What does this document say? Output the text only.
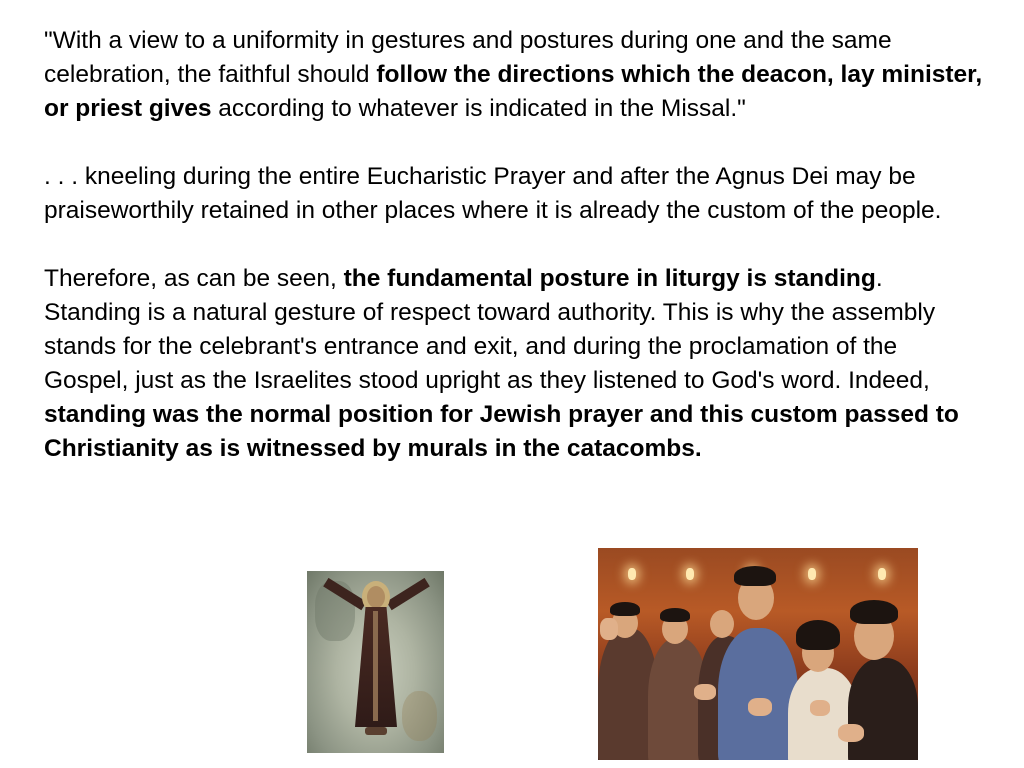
"With a view to a uniformity in gestures and postures during one and the same celebration, the faithful should follow the directions which the deacon, lay minister, or priest gives according to whatever is indicated in the Missal."

. . . kneeling during the entire Eucharistic Prayer and after the Agnus Dei may be praiseworthily retained in other places where it is already the custom of the people.

Therefore, as can be seen, the fundamental posture in liturgy is standing. Standing is a natural gesture of respect toward authority. This is why the assembly stands for the celebrant's entrance and exit, and during the proclamation of the Gospel, just as the Israelites stood upright as they listened to God's word. Indeed, standing was the normal position for Jewish prayer and this custom passed to Christianity as is witnessed by murals in the catacombs.
